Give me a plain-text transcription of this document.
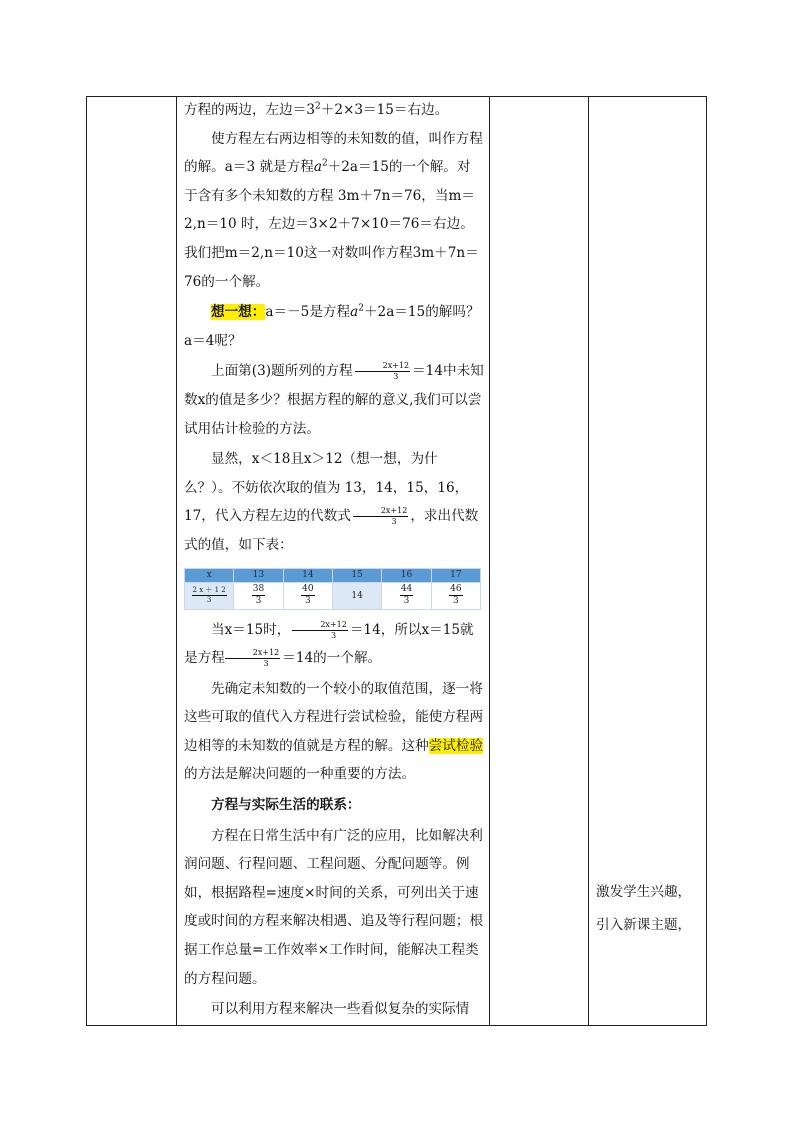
方程的两边，左边$=3^2+2\times 3=15=$右边。

使方程左右两边相等的未知数的值，叫作方程的解。a＝3 就是方程$a^2+2a=15$的一个解。对于含有多个未知数的方程 3m＋7n＝76，当m＝2,n＝10 时，左边＝3×2＋7×10＝76＝右边。我们把m＝2,n＝10这一对数叫作方程3m＋7n＝76的一个解。

想一想：a＝－5是方程$a^2+2a=15$的解吗？a＝4呢？

上面第(3)题所列的方程 $\frac{2x+12}{3} =14$中未知数x的值是多少？根据方程的解的意义,我们可以尝试用估计检验的方法。

显然，x＜18且x＞12（想一想，为什么？）。不妨依次取的值为 13，14，15，16，17，代入方程左边的代数式 $\frac{2x+12}{3}$ ，求出代数式的值，如下表：

x	13	14	15	16	17

$\frac{2 x + 1 2}{3}$	$\frac{38}{3}$	$\frac{40}{3}$	14	$\frac{44}{3}$	$\frac{46}{3}$

当x＝15时， $\frac{2x+12}{3} =14$，所以x＝15就是方程 $\frac{2x+12}{3} =14$的一个解。

先确定未知数的一个较小的取值范围，逐一将这些可取的值代入方程进行尝试检验，能使方程两边相等的未知数的值就是方程的解。这种尝试检验的方法是解决问题的一种重要的方法。

方程与实际生活的联系：

方程在日常生活中有广泛的应用，比如解决利润问题、行程问题、工程问题、分配问题等。例如，根据路程=速度×时间的关系，可列出关于速度或时间的方程来解决相遇、追及等行程问题；根据工作总量=工作效率×工作时间，能解决工程类的方程问题。

可以利用方程来解决一些看似复杂的实际情

激发学生兴趣，

引入新课主题，
